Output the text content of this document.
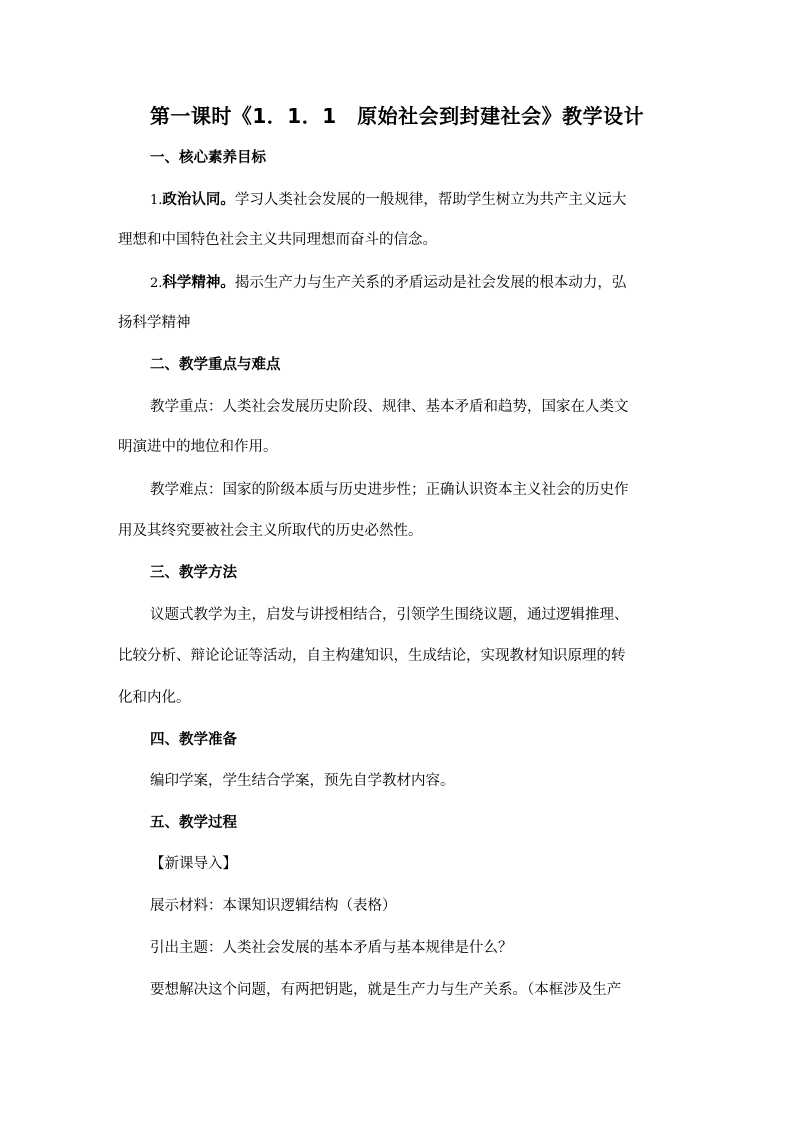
第一课时《1．1．1　原始社会到封建社会》教学设计
一、核心素养目标
1.政治认同。学习人类社会发展的一般规律，帮助学生树立为共产主义远大
理想和中国特色社会主义共同理想而奋斗的信念。
2.科学精神。揭示生产力与生产关系的矛盾运动是社会发展的根本动力，弘
扬科学精神
二、教学重点与难点
教学重点：人类社会发展历史阶段、规律、基本矛盾和趋势，国家在人类文
明演进中的地位和作用。
教学难点：国家的阶级本质与历史进步性；正确认识资本主义社会的历史作
用及其终究要被社会主义所取代的历史必然性。
三、教学方法
议题式教学为主，启发与讲授相结合，引领学生围绕议题，通过逻辑推理、
比较分析、辩论论证等活动，自主构建知识，生成结论，实现教材知识原理的转
化和内化。
四、教学准备
编印学案，学生结合学案，预先自学教材内容。
五、教学过程
【新课导入】
展示材料：本课知识逻辑结构（表格）
引出主题：人类社会发展的基本矛盾与基本规律是什么？
要想解决这个问题，有两把钥匙，就是生产力与生产关系。（本框涉及生产
